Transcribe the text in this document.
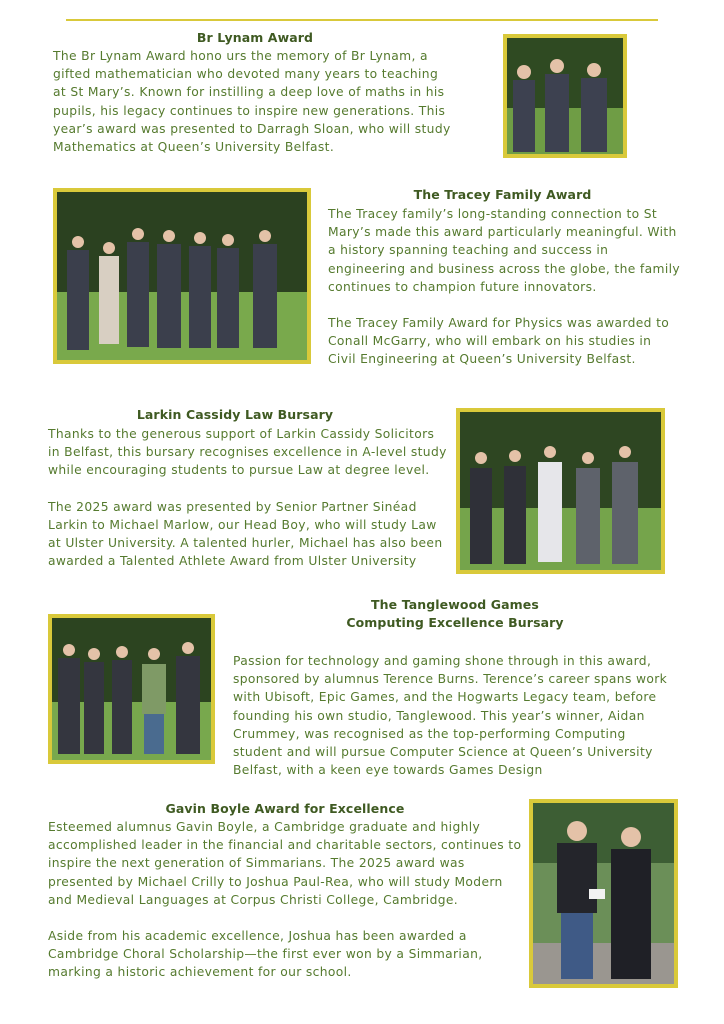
Br Lynam Award

The Br Lynam Award hono urs the memory of Br Lynam, a gifted mathematician who devoted many years to teaching at St Mary’s. Known for instilling a deep love of maths in his pupils, his legacy continues to inspire new generations. This year’s award was presented to Darragh Sloan, who will study Mathematics at Queen’s University Belfast.

The Tracey Family Award

The Tracey family’s long-standing connection to St Mary’s made this award particularly meaningful. With a history spanning teaching and success in engineering and business across the globe, the family continues to champion future innovators.

The Tracey Family Award for Physics was awarded to Conall McGarry, who will embark on his studies in Civil Engineering at Queen’s University Belfast.

Larkin Cassidy Law Bursary

Thanks to the generous support of Larkin Cassidy Solicitors in Belfast, this bursary recognises excellence in A-level study while encouraging students to pursue Law at degree level.

The 2025 award was presented by Senior Partner Sinéad Larkin to Michael Marlow, our Head Boy, who will study Law at Ulster University. A talented hurler, Michael has also been awarded a Talented Athlete Award from Ulster University

The Tanglewood Games
Computing Excellence Bursary

Passion for technology and gaming shone through in this award, sponsored by alumnus Terence Burns. Terence’s career spans work with Ubisoft, Epic Games, and the Hogwarts Legacy team, before founding his own studio, Tanglewood. This year’s winner, Aidan Crummey, was recognised as the top-performing Computing student and will pursue Computer Science at Queen’s University Belfast, with a keen eye towards Games Design

Gavin Boyle Award for Excellence

Esteemed alumnus Gavin Boyle, a Cambridge graduate and highly accomplished leader in the financial and charitable sectors, continues to inspire the next generation of Simmarians. The 2025 award was presented by Michael Crilly to Joshua Paul-Rea, who will study Modern and Medieval Languages at Corpus Christi College, Cambridge.

Aside from his academic excellence, Joshua has been awarded a Cambridge Choral Scholarship—the first ever won by a Simmarian, marking a historic achievement for our school.
